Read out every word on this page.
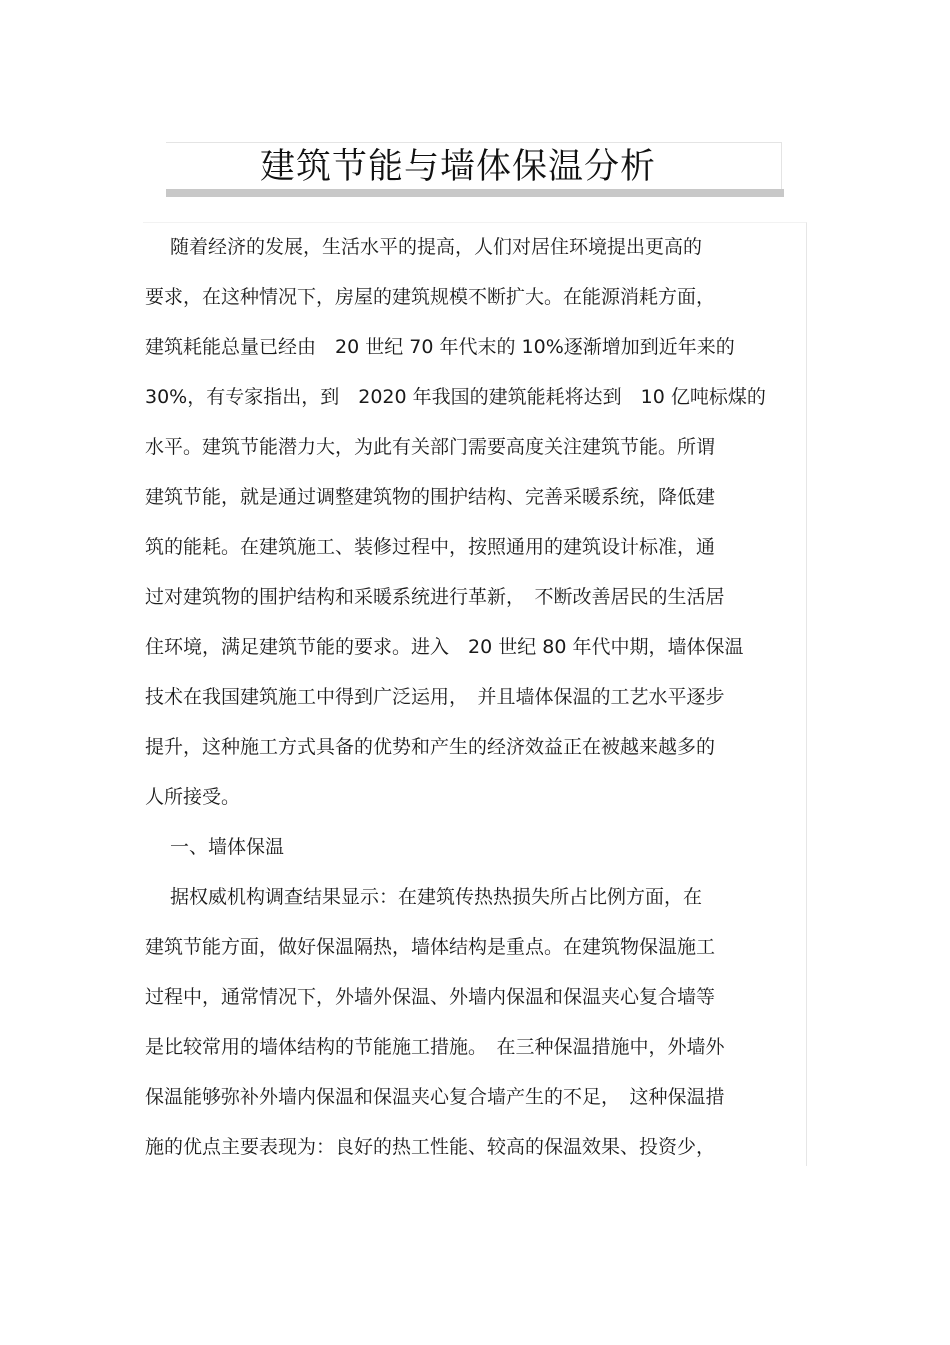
建筑节能与墙体保温分析
　 随着经济的发展，生活水平的提高，人们对居住环境提出更高的
要求，在这种情况下，房屋的建筑规模不断扩大。在能源消耗方面，
建筑耗能总量已经由　20 世纪 70 年代末的 10%逐渐增加到近年来的
30%，有专家指出，到　2020 年我国的建筑能耗将达到　10 亿吨标煤的
水平。建筑节能潜力大，为此有关部门需要高度关注建筑节能。所谓
建筑节能，就是通过调整建筑物的围护结构、完善采暖系统，降低建
筑的能耗。在建筑施工、装修过程中，按照通用的建筑设计标准，通
过对建筑物的围护结构和采暖系统进行革新，　不断改善居民的生活居
住环境，满足建筑节能的要求。进入　20 世纪 80 年代中期，墙体保温
技术在我国建筑施工中得到广泛运用，　并且墙体保温的工艺水平逐步
提升，这种施工方式具备的优势和产生的经济效益正在被越来越多的
人所接受。
　 一、墙体保温
　 据权威机构调查结果显示：在建筑传热热损失所占比例方面，在
建筑节能方面，做好保温隔热，墙体结构是重点。在建筑物保温施工
过程中，通常情况下，外墙外保温、外墙内保温和保温夹心复合墙等
是比较常用的墙体结构的节能施工措施。　在三种保温措施中，外墙外
保温能够弥补外墙内保温和保温夹心复合墙产生的不足，　这种保温措
施的优点主要表现为：良好的热工性能、较高的保温效果、投资少，
